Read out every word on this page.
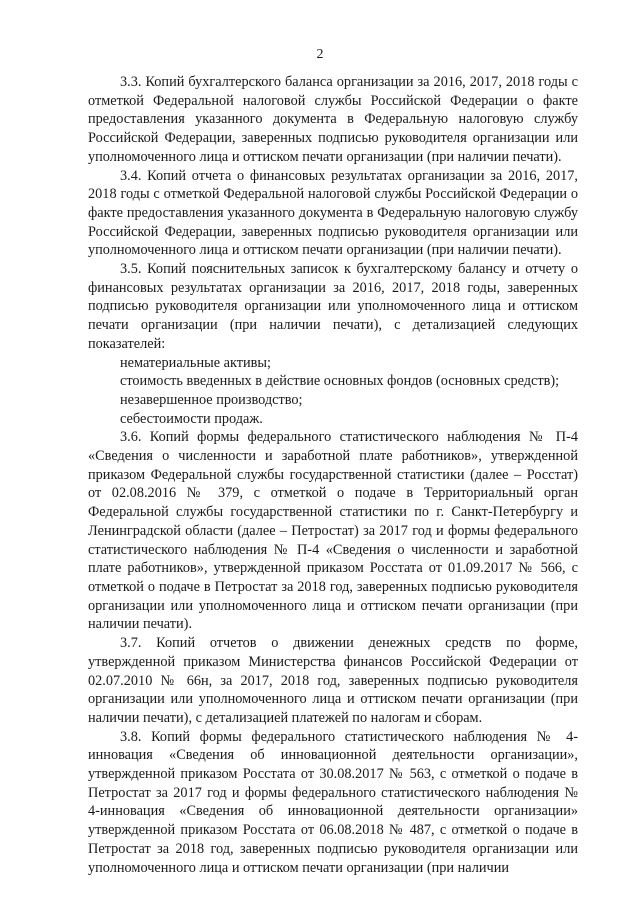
2

3.3. Копий бухгалтерского баланса организации за 2016, 2017, 2018 годы с отметкой Федеральной налоговой службы Российской Федерации о факте предоставления указанного документа в Федеральную налоговую службу Российской Федерации, заверенных подписью руководителя организации или уполномоченного лица и оттиском печати организации (при наличии печати).

3.4. Копий отчета о финансовых результатах организации за 2016, 2017, 2018 годы с отметкой Федеральной налоговой службы Российской Федерации о факте предоставления указанного документа в Федеральную налоговую службу Российской Федерации, заверенных подписью руководителя организации или уполномоченного лица и оттиском печати организации (при наличии печати).

3.5. Копий пояснительных записок к бухгалтерскому балансу и отчету о финансовых результатах организации за 2016, 2017, 2018 годы, заверенных подписью руководителя организации или уполномоченного лица и оттиском печати организации (при наличии печати), с детализацией следующих показателей:

нематериальные активы;

стоимость введенных в действие основных фондов (основных средств);

незавершенное производство;

себестоимости продаж.

3.6. Копий формы федерального статистического наблюдения № П-4 «Сведения о численности и заработной плате работников», утвержденной приказом Федеральной службы государственной статистики (далее – Росстат) от 02.08.2016 № 379, с отметкой о подаче в Территориальный орган Федеральной службы государственной статистики по г. Санкт-Петербургу и Ленинградской области (далее – Петростат) за 2017 год и формы федерального статистического наблюдения № П-4 «Сведения о численности и заработной плате работников», утвержденной приказом Росстата от 01.09.2017 № 566, с отметкой о подаче в Петростат за 2018 год, заверенных подписью руководителя организации или уполномоченного лица и оттиском печати организации (при наличии печати).

3.7. Копий отчетов о движении денежных средств по форме, утвержденной приказом Министерства финансов Российской Федерации от 02.07.2010 № 66н, за 2017, 2018 год, заверенных подписью руководителя организации или уполномоченного лица и оттиском печати организации (при наличии печати), с детализацией платежей по налогам и сборам.

3.8. Копий формы федерального статистического наблюдения № 4-инновация «Сведения об инновационной деятельности организации», утвержденной приказом Росстата от 30.08.2017 № 563, с отметкой о подаче в Петростат за 2017 год и формы федерального статистического наблюдения № 4-инновация «Сведения об инновационной деятельности организации» утвержденной приказом Росстата от 06.08.2018 № 487, с отметкой о подаче в Петростат за 2018 год, заверенных подписью руководителя организации или уполномоченного лица и оттиском печати организации (при наличии
